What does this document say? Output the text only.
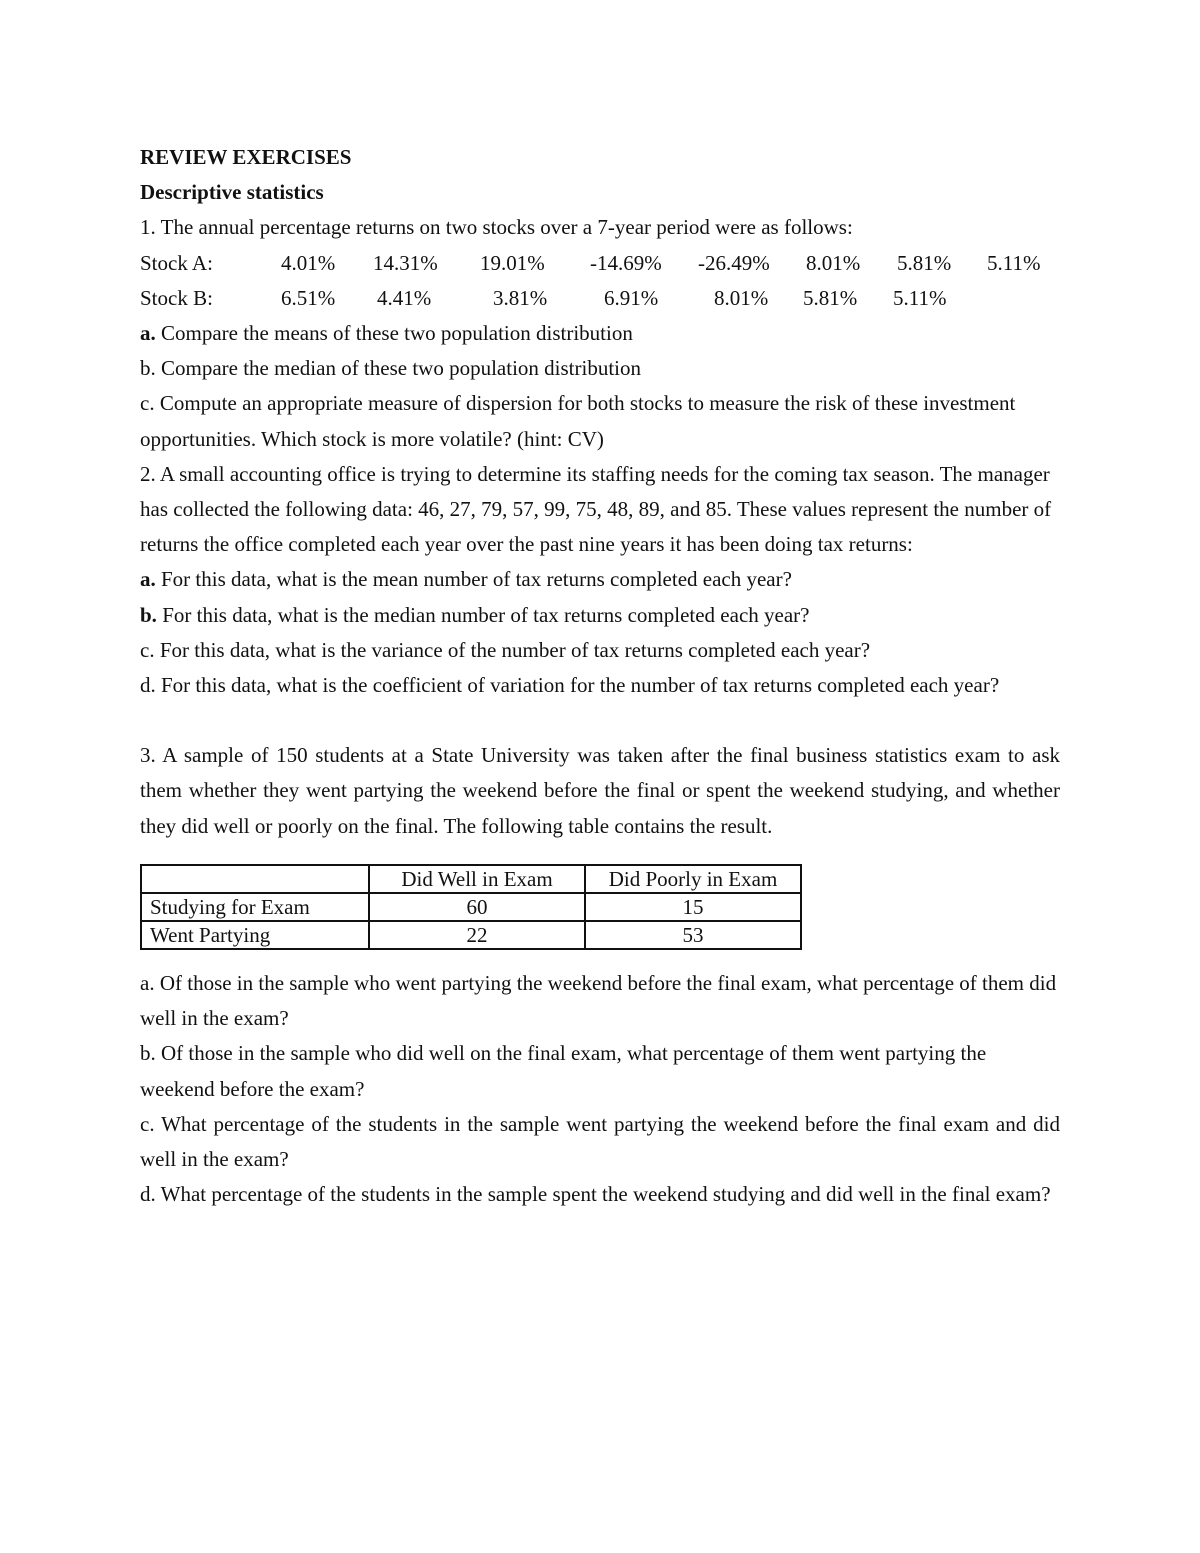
REVIEW EXERCISES
Descriptive statistics
1. The annual percentage returns on two stocks over a 7-year period were as follows:
Stock A:	4.01% 14.31% 19.01% -14.69% -26.49% 8.01% 5.81% 5.11%
Stock B:	6.51% 4.41%	3.81%	6.91%	8.01% 5.81% 5.11%
a. Compare the means of these two population distribution
b. Compare the median of these two population distribution
c. Compute an appropriate measure of dispersion for both stocks to measure the risk of these investment opportunities. Which stock is more volatile? (hint: CV)
2. A small accounting office is trying to determine its staffing needs for the coming tax season. The manager has collected the following data: 46, 27, 79, 57, 99, 75, 48, 89, and 85. These values represent the number of returns the office completed each year over the past nine years it has been doing tax returns:
a. For this data, what is the mean number of tax returns completed each year?
b. For this data, what is the median number of tax returns completed each year?
c. For this data, what is the variance of the number of tax returns completed each year?
d. For this data, what is the coefficient of variation for the number of tax returns completed each year?
3. A sample of 150 students at a State University was taken after the final business statistics exam to ask them whether they went partying the weekend before the final or spent the weekend studying, and whether they did well or poorly on the final. The following table contains the result.
	Did Well in Exam	Did Poorly in Exam
Studying for Exam	60	15
Went Partying	22	53
a. Of those in the sample who went partying the weekend before the final exam, what percentage of them did well in the exam?
b. Of those in the sample who did well on the final exam, what percentage of them went partying the weekend before the exam?
c. What percentage of the students in the sample went partying the weekend before the final exam and did well in the exam?
d. What percentage of the students in the sample spent the weekend studying and did well in the final exam?
